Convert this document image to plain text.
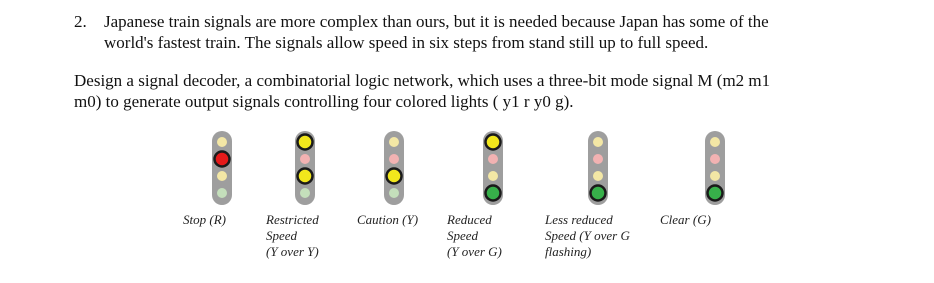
2. Japanese train signals are more complex than ours, but it is needed because Japan has some of the
world's fastest train. The signals allow speed in six steps from stand still up to full speed.
Design a signal decoder, a combinatorial logic network, which uses a three-bit mode signal M (m2 m1
m0) to generate output signals controlling four colored lights ( y1 r y0 g).
Stop (R)	Restricted
Speed
(Y over Y)
Caution (Y) Reduced
Speed
(Y over G)
Less reduced
Speed (Y over G
flashing)
Clear (G)
